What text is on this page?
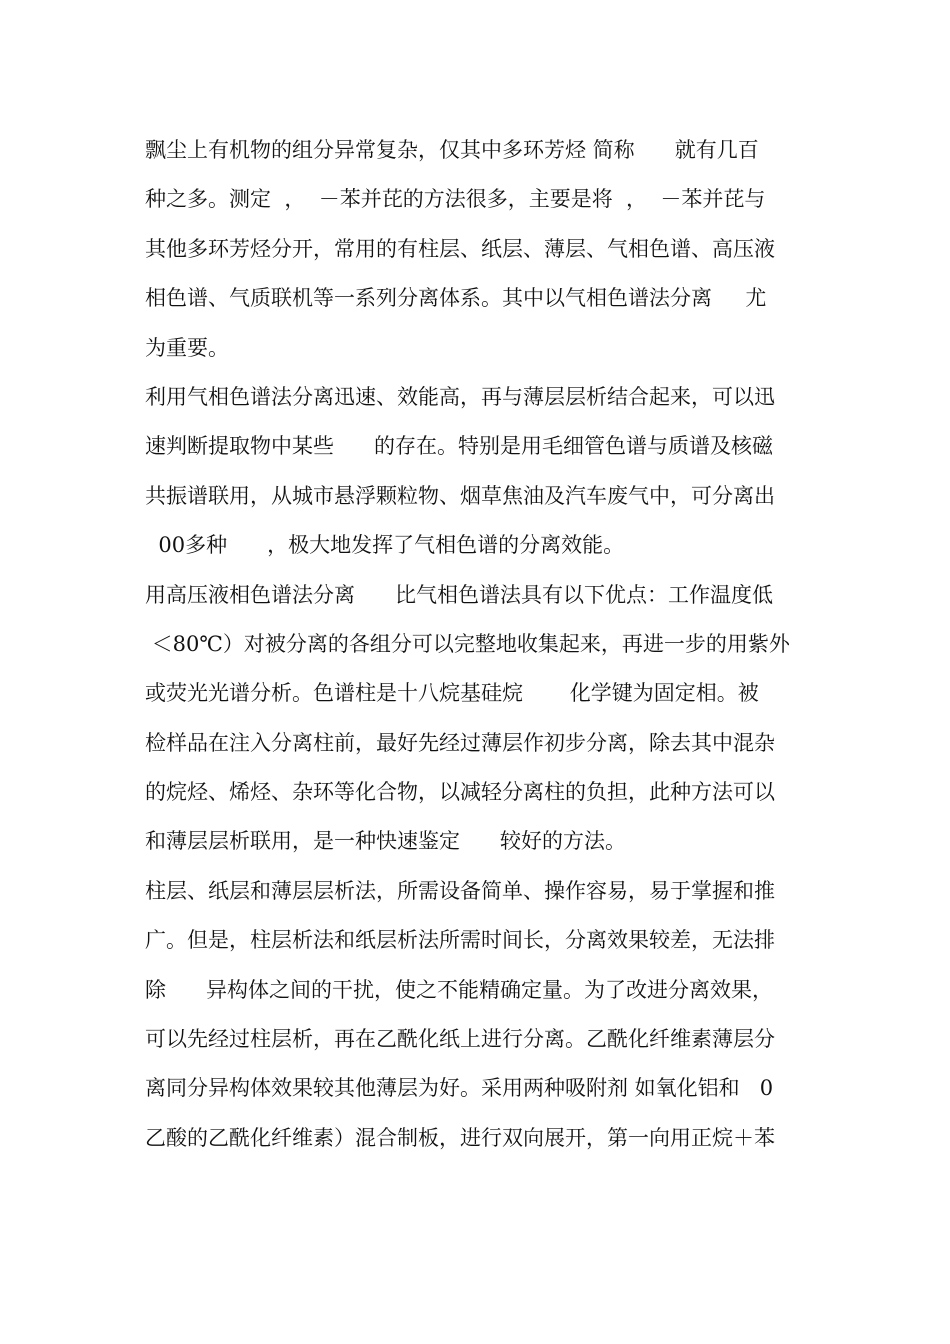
飘尘上有机物的组分异常复杂，仅其中多环芳烃 简称      就有几百
种之多。测定  ，  －苯并芘的方法很多，主要是将  ，  －苯并芘与
其他多环芳烃分开，常用的有柱层、纸层、薄层、气相色谱、高压液
相色谱、气质联机等一系列分离体系。其中以气相色谱法分离     尤
为重要。
利用气相色谱法分离迅速、效能高，再与薄层层析结合起来，可以迅
速判断提取物中某些      的存在。特别是用毛细管色谱与质谱及核磁
共振谱联用，从城市悬浮颗粒物、烟草焦油及汽车废气中，可分离出
00多种      ，极大地发挥了气相色谱的分离效能。
用高压液相色谱法分离      比气相色谱法具有以下优点：工作温度低
＜80℃）对被分离的各组分可以完整地收集起来，再进一步的用紫外
或荧光光谱分析。色谱柱是十八烷基硅烷       化学键为固定相。被
检样品在注入分离柱前，最好先经过薄层作初步分离，除去其中混杂
的烷烃、烯烃、杂环等化合物，以减轻分离柱的负担，此种方法可以
和薄层层析联用，是一种快速鉴定      较好的方法。
柱层、纸层和薄层层析法，所需设备简单、操作容易，易于掌握和推
广。但是，柱层析法和纸层析法所需时间长，分离效果较差，无法排
除      异构体之间的干扰，使之不能精确定量。为了改进分离效果，
可以先经过柱层析，再在乙酰化纸上进行分离。乙酰化纤维素薄层分
离同分异构体效果较其他薄层为好。采用两种吸附剂 如氧化铝和   0
乙酸的乙酰化纤维素）混合制板，进行双向展开，第一向用正烷＋苯
